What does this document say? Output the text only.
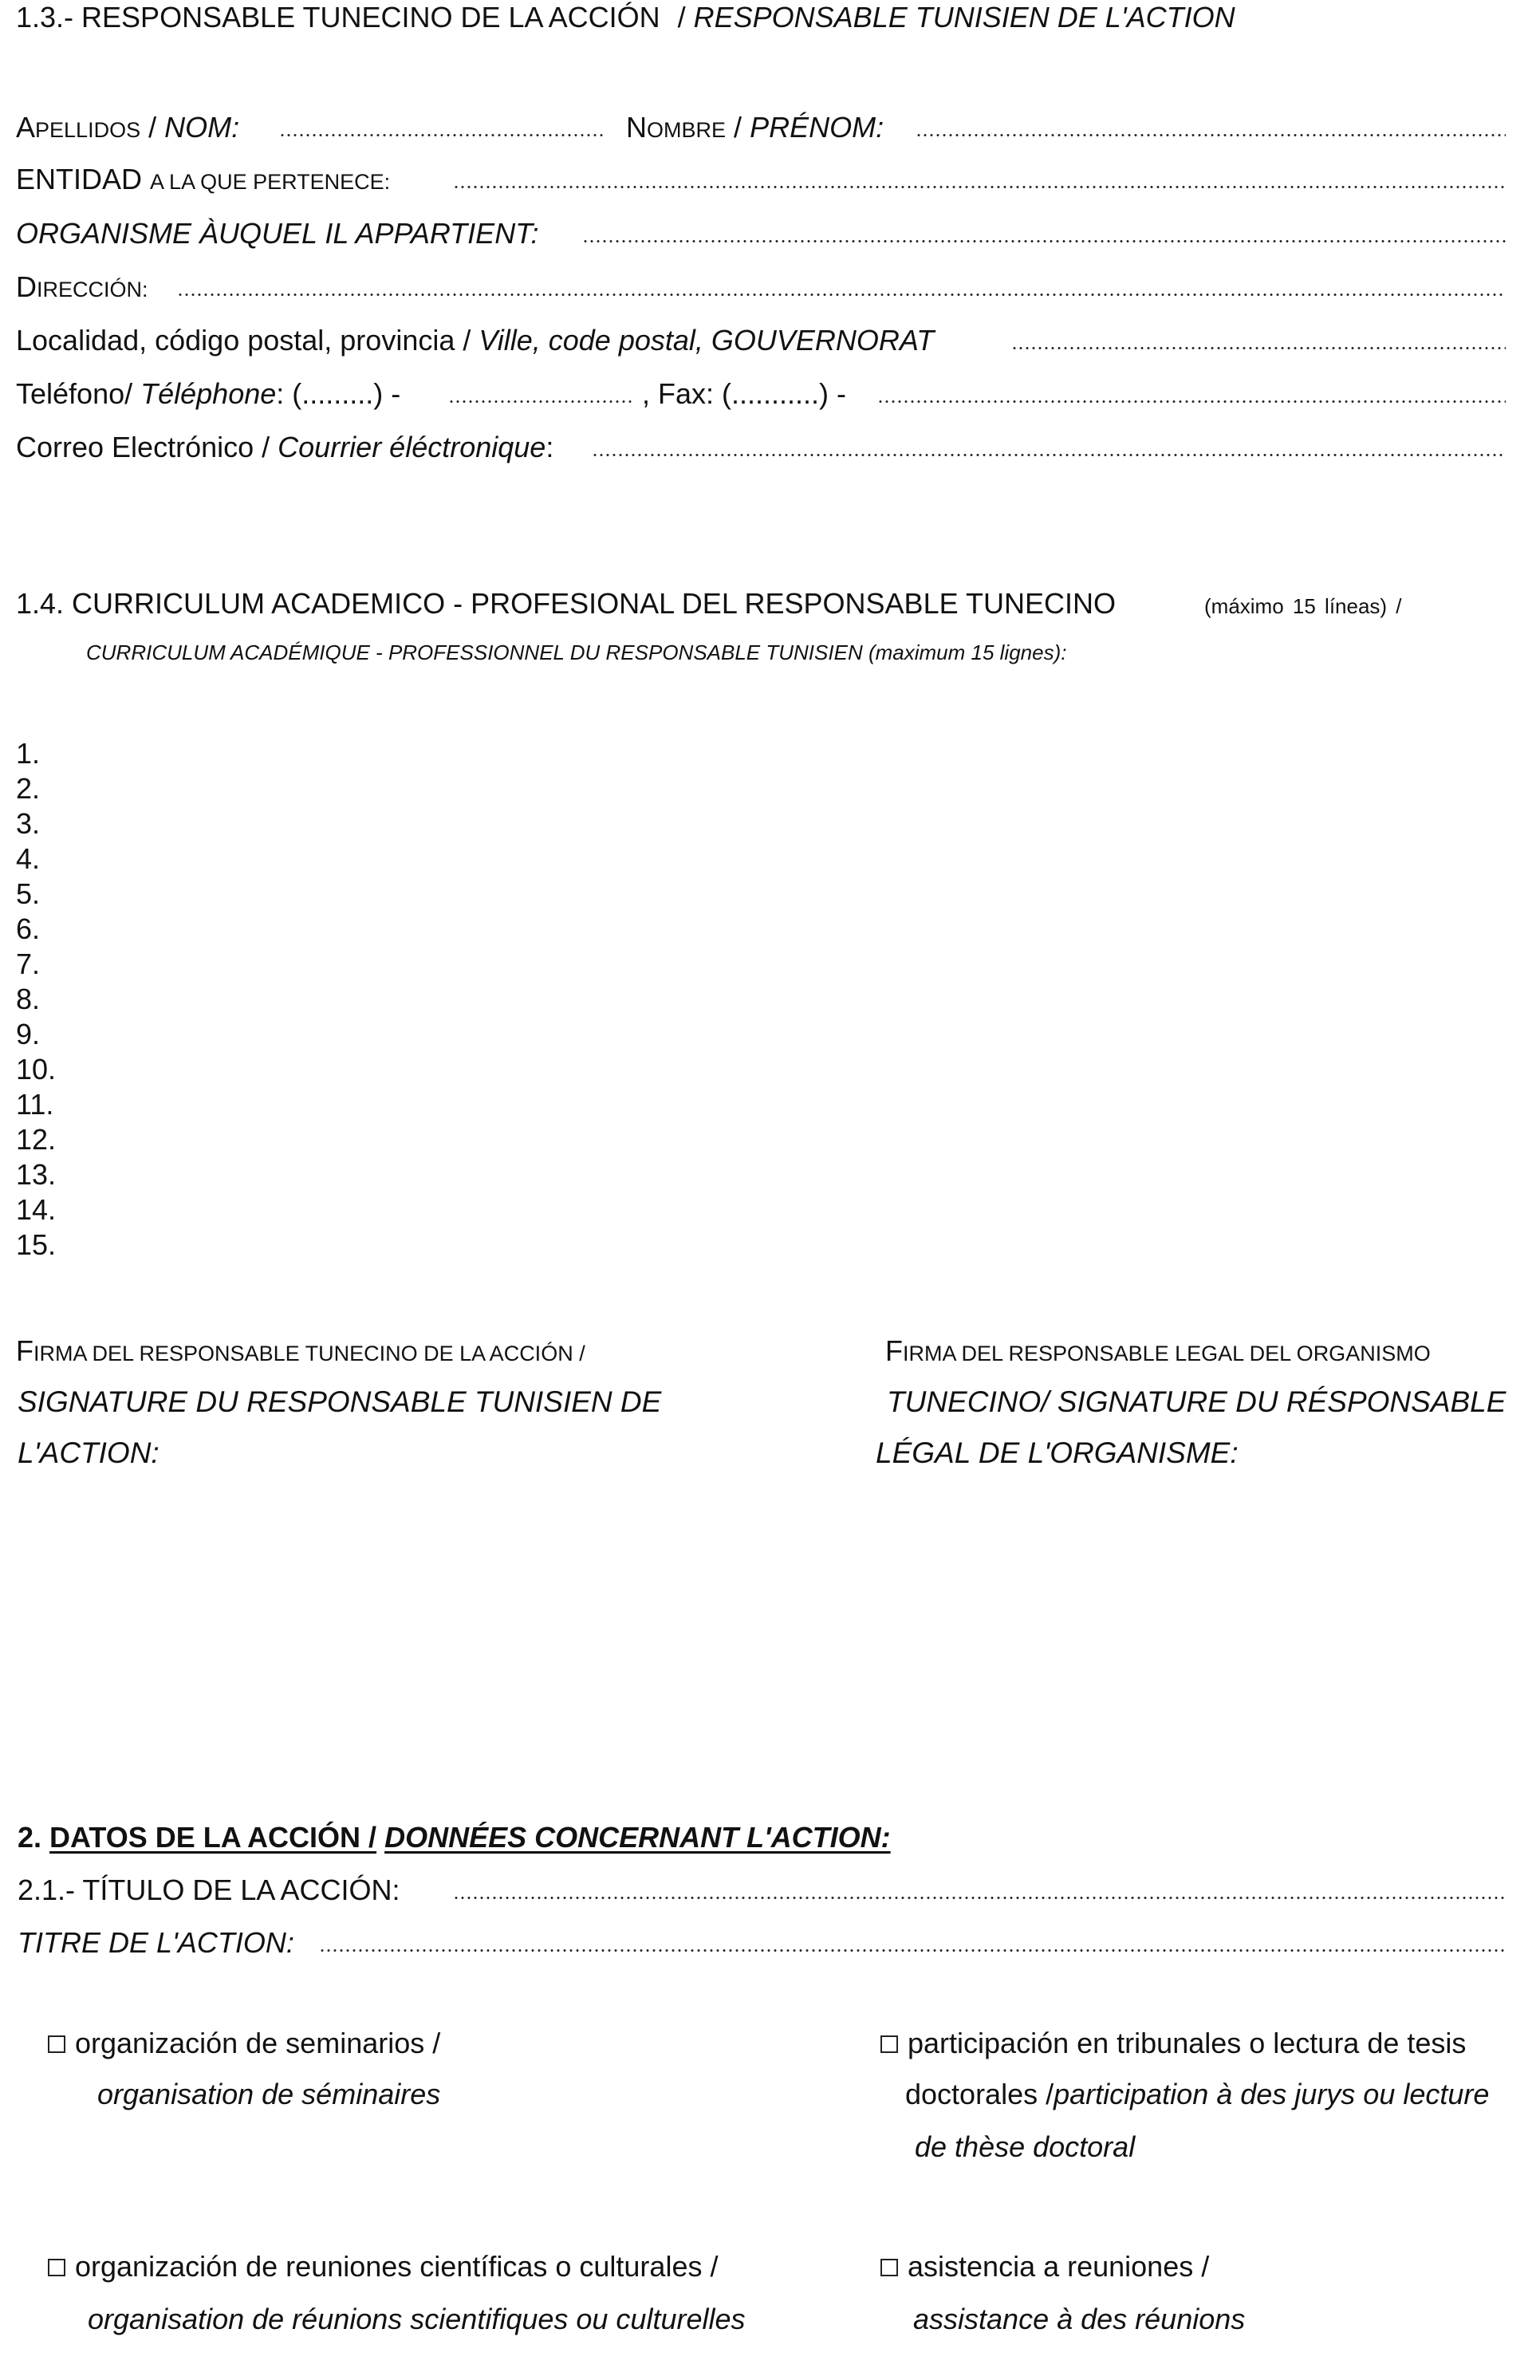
1.3.- RESPONSABLE TUNECINO DE LA ACCIÓN / RESPONSABLE TUNISIEN DE L'ACTION
APELLIDOS / NOM:	NOMBRE / PRÉNOM:
ENTIDAD A LA QUE PERTENECE:
ORGANISME ÀUQUEL IL APPARTIENT:
DIRECCIÓN:
Localidad, código postal, provincia / Ville, code postal, GOUVERNORAT
Teléfono/ Téléphone: (.........) -	, Fax: (...........) -
Correo Electrónico / Courrier éléctronique:
1.4. CURRICULUM ACADEMICO - PROFESIONAL DEL RESPONSABLE TUNECINO	(máximo 15 líneas) /
CURRICULUM ACADÉMIQUE - PROFESSIONNEL DU RESPONSABLE TUNISIEN (maximum 15 lignes):
1.
2.
3.
4.
5.
6.
7.
8.
9.
10.
11.
12.
13.
14.
15.
FIRMA DEL RESPONSABLE TUNECINO DE LA ACCIÓN /
SIGNATURE DU RESPONSABLE TUNISIEN DE
L'ACTION:
FIRMA DEL RESPONSABLE LEGAL DEL ORGANISMO
TUNECINO/ SIGNATURE DU RÉSPONSABLE
LÉGAL DE L'ORGANISME:
2. DATOS DE LA ACCIÓN / DONNÉES CONCERNANT L'ACTION:
2.1.- TÍTULO DE LA ACCIÓN:
TITRE DE L'ACTION:
organización de seminarios /
organisation de séminaires
participación en tribunales o lectura de tesis
doctorales /participation à des jurys ou lecture
de thèse doctoral
organización de reuniones científicas o culturales /
organisation de réunions scientifiques ou culturelles
asistencia a reuniones /
assistance à des réunions
